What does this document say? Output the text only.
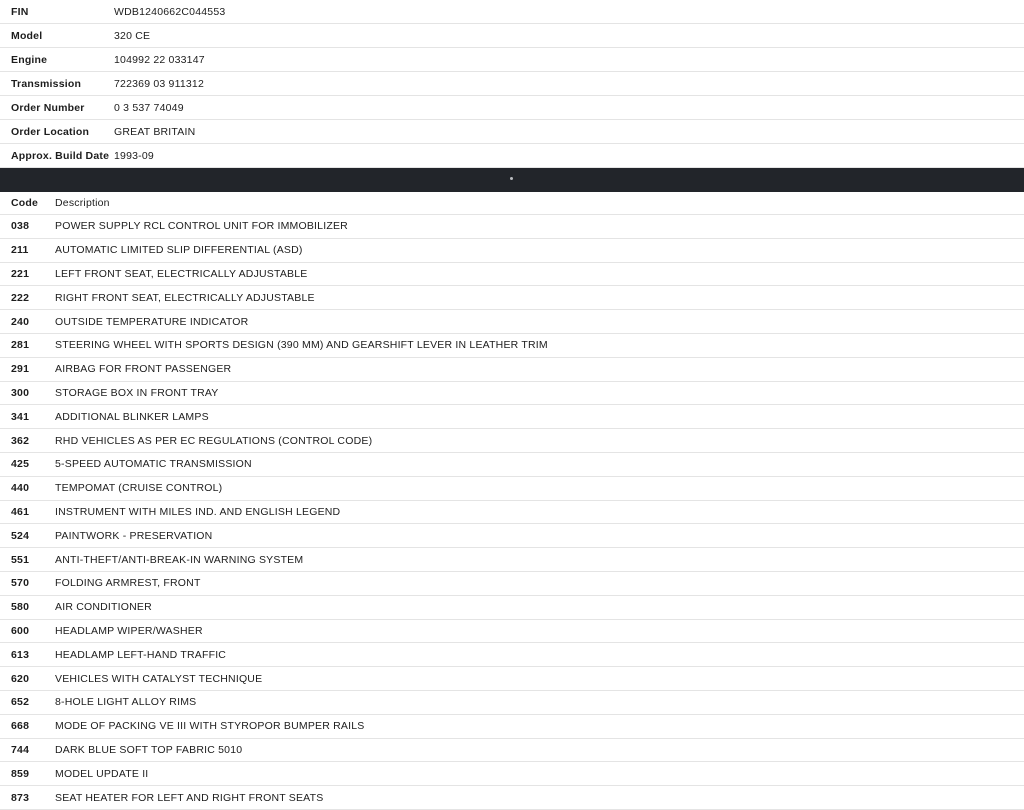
FIN	WDB1240662C044553
Model	320 CE
Engine	104992 22 033147
Transmission	722369 03 911312
Order Number	0 3 537 74049
Order Location	GREAT BRITAIN
Approx. Build Date	1993-09
Code	Description
038	POWER SUPPLY RCL CONTROL UNIT FOR IMMOBILIZER
211	AUTOMATIC LIMITED SLIP DIFFERENTIAL (ASD)
221	LEFT FRONT SEAT, ELECTRICALLY ADJUSTABLE
222	RIGHT FRONT SEAT, ELECTRICALLY ADJUSTABLE
240	OUTSIDE TEMPERATURE INDICATOR
281	STEERING WHEEL WITH SPORTS DESIGN (390 MM) AND GEARSHIFT LEVER IN LEATHER TRIM
291	AIRBAG FOR FRONT PASSENGER
300	STORAGE BOX IN FRONT TRAY
341	ADDITIONAL BLINKER LAMPS
362	RHD VEHICLES AS PER EC REGULATIONS (CONTROL CODE)
425	5-SPEED AUTOMATIC TRANSMISSION
440	TEMPOMAT (CRUISE CONTROL)
461	INSTRUMENT WITH MILES IND. AND ENGLISH LEGEND
524	PAINTWORK - PRESERVATION
551	ANTI-THEFT/ANTI-BREAK-IN WARNING SYSTEM
570	FOLDING ARMREST, FRONT
580	AIR CONDITIONER
600	HEADLAMP WIPER/WASHER
613	HEADLAMP LEFT-HAND TRAFFIC
620	VEHICLES WITH CATALYST TECHNIQUE
652	8-HOLE LIGHT ALLOY RIMS
668	MODE OF PACKING VE III WITH STYROPOR BUMPER RAILS
744	DARK BLUE SOFT TOP FABRIC 5010
859	MODEL UPDATE II
873	SEAT HEATER FOR LEFT AND RIGHT FRONT SEATS
